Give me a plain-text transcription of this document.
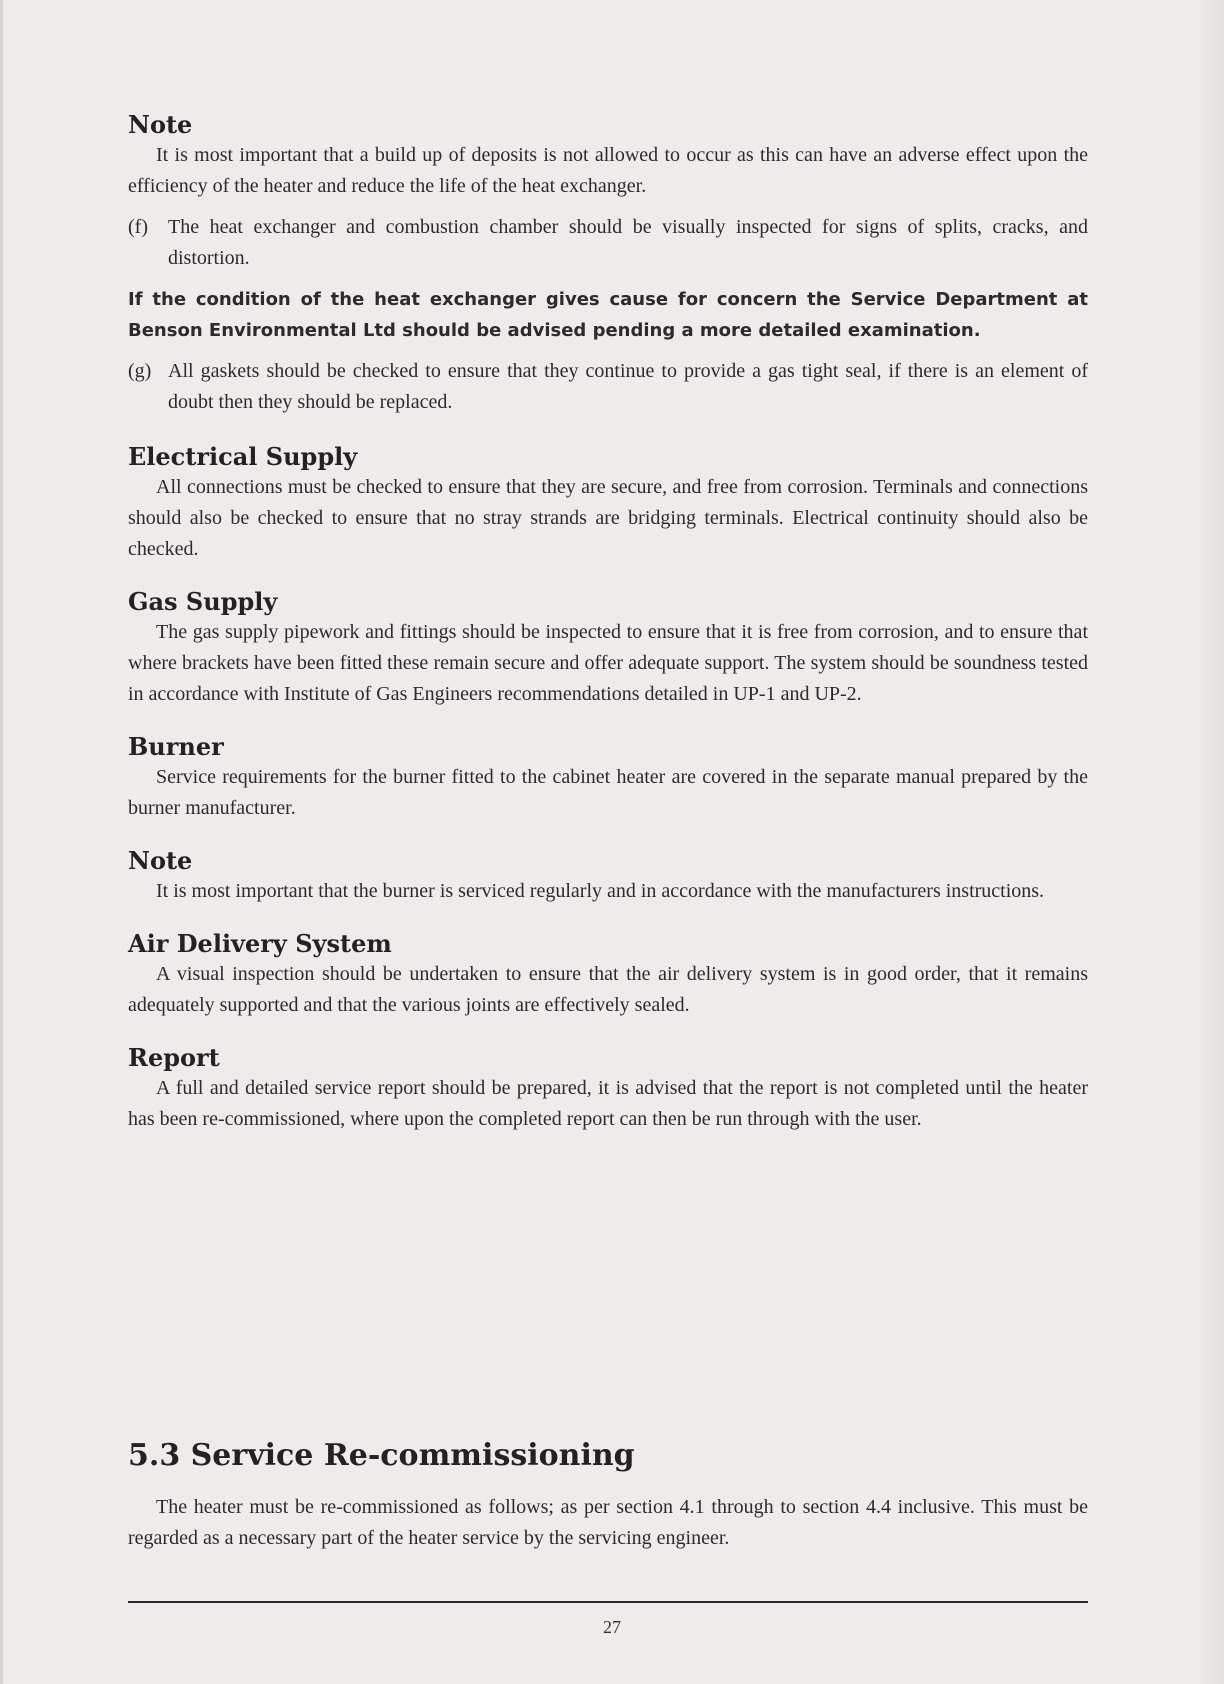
Note

It is most important that a build up of deposits is not allowed to occur as this can have an adverse effect upon the efficiency of the heater and reduce the life of the heat exchanger.

(f) The heat exchanger and combustion chamber should be visually inspected for signs of splits, cracks, and distortion.

If the condition of the heat exchanger gives cause for concern the Service Department at Benson Environmental Ltd should be advised pending a more detailed examination.

(g) All gaskets should be checked to ensure that they continue to provide a gas tight seal, if there is an element of doubt then they should be replaced.

Electrical Supply

All connections must be checked to ensure that they are secure, and free from corrosion. Terminals and connections should also be checked to ensure that no stray strands are bridging terminals. Electrical continuity should also be checked.

Gas Supply

The gas supply pipework and fittings should be inspected to ensure that it is free from corrosion, and to ensure that where brackets have been fitted these remain secure and offer adequate support. The system should be soundness tested in accordance with Institute of Gas Engineers recommendations detailed in UP-1 and UP-2.

Burner

Service requirements for the burner fitted to the cabinet heater are covered in the separate manual prepared by the burner manufacturer.

Note

It is most important that the burner is serviced regularly and in accordance with the manufacturers instructions.

Air Delivery System

A visual inspection should be undertaken to ensure that the air delivery system is in good order, that it remains adequately supported and that the various joints are effectively sealed.

Report

A full and detailed service report should be prepared, it is advised that the report is not completed until the heater has been re-commissioned, where upon the completed report can then be run through with the user.

5.3 Service Re-commissioning

The heater must be re-commissioned as follows; as per section 4.1 through to section 4.4 inclusive. This must be regarded as a necessary part of the heater service by the servicing engineer.

27
